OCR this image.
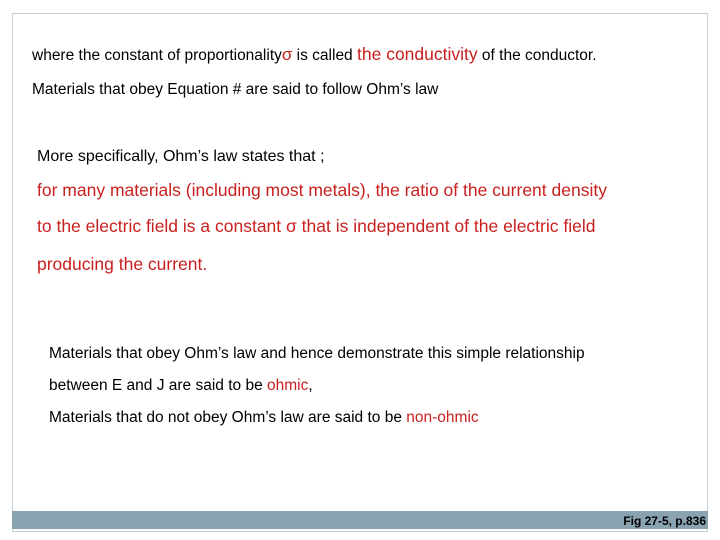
where the constant of proportionalityσ is called the conductivity of the conductor.
Materials that obey Equation # are said to follow Ohm’s law
More specifically, Ohm’s law states that ;
for many materials (including most metals), the ratio of the current density
to the electric field is a constant σ that is independent of the electric field
producing the current.
Materials that obey Ohm’s law and hence demonstrate this simple relationship
between E and J are said to be ohmic,
Materials that do not obey Ohm’s law are said to be non-ohmic
Fig 27-5, p.836
